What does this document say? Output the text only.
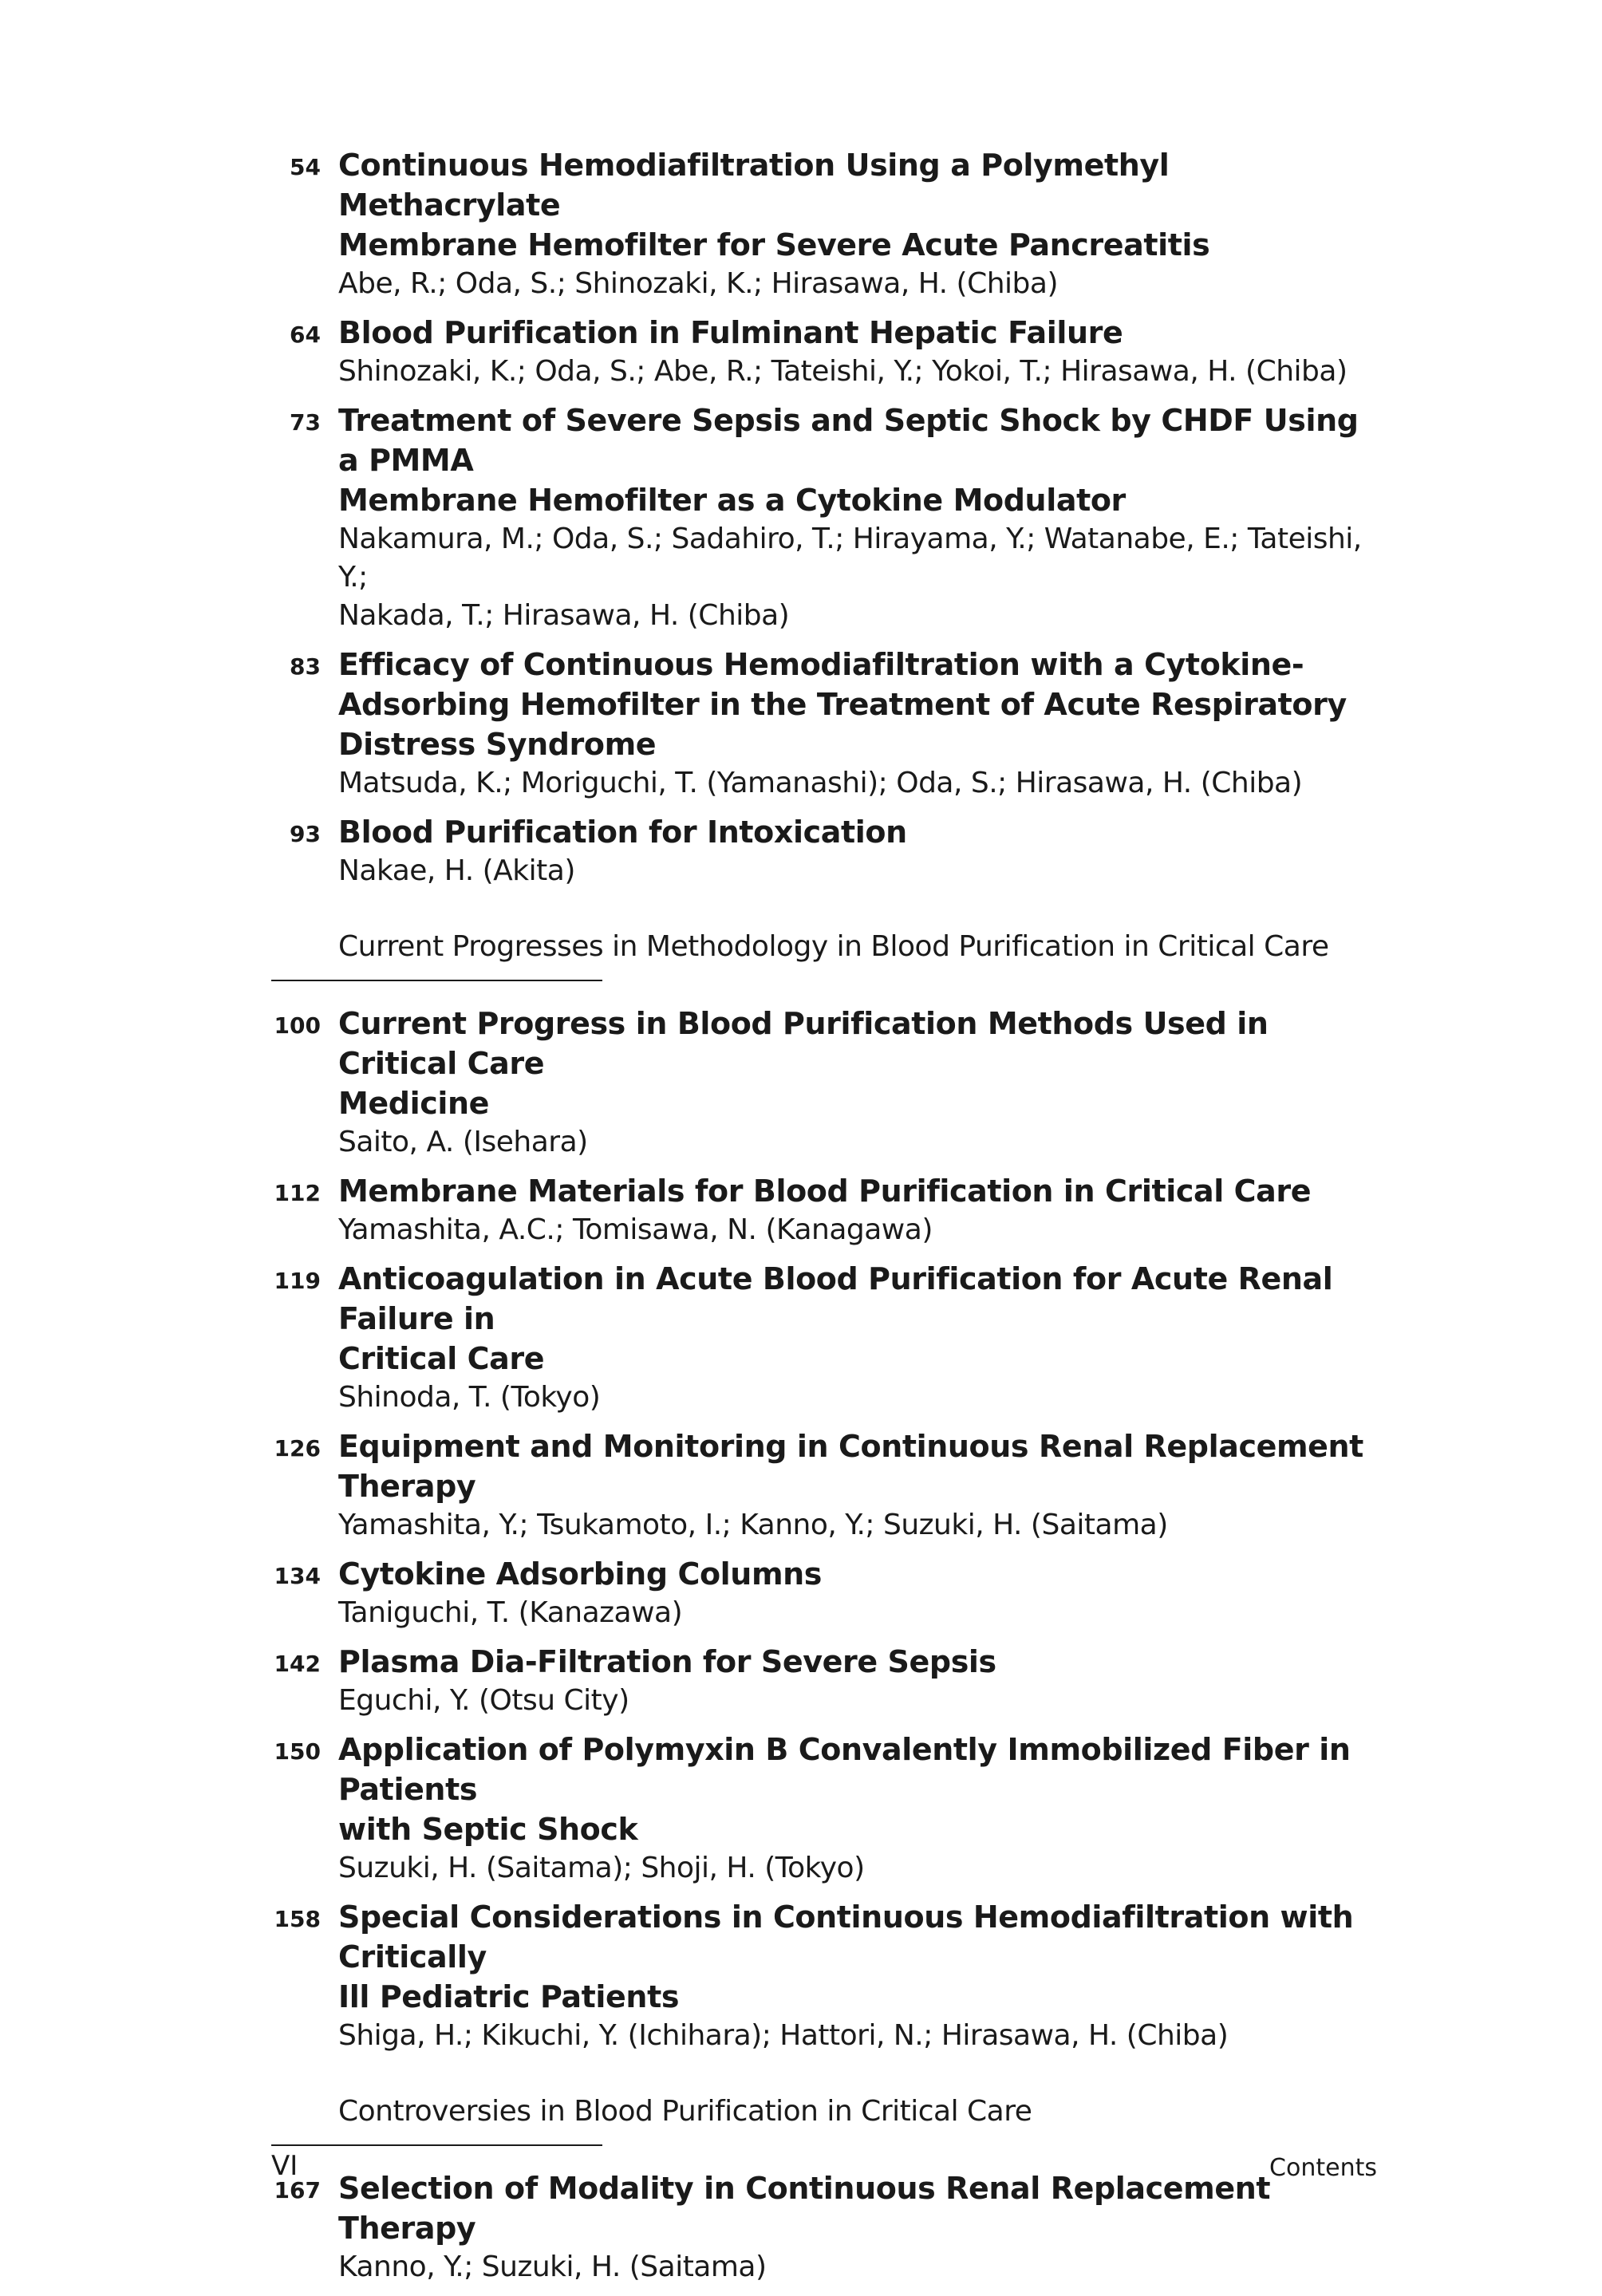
54 Continuous Hemodiafiltration Using a Polymethyl Methacrylate
Membrane Hemofilter for Severe Acute Pancreatitis
Abe, R.; Oda, S.; Shinozaki, K.; Hirasawa, H. (Chiba)
64 Blood Purification in Fulminant Hepatic Failure
Shinozaki, K.; Oda, S.; Abe, R.; Tateishi, Y.; Yokoi, T.; Hirasawa, H. (Chiba)
73 Treatment of Severe Sepsis and Septic Shock by CHDF Using a PMMA
Membrane Hemofilter as a Cytokine Modulator
Nakamura, M.; Oda, S.; Sadahiro, T.; Hirayama, Y.; Watanabe, E.; Tateishi, Y.;
Nakada, T.; Hirasawa, H. (Chiba)
83 Efficacy of Continuous Hemodiafiltration with a Cytokine-
Adsorbing Hemofilter in the Treatment of Acute Respiratory
Distress Syndrome
Matsuda, K.; Moriguchi, T. (Yamanashi); Oda, S.; Hirasawa, H. (Chiba)
93 Blood Purification for Intoxication
Nakae, H. (Akita)
Current Progresses in Methodology in Blood Purification in Critical Care
100 Current Progress in Blood Purification Methods Used in Critical Care
Medicine
Saito, A. (Isehara)
112 Membrane Materials for Blood Purification in Critical Care
Yamashita, A.C.; Tomisawa, N. (Kanagawa)
119 Anticoagulation in Acute Blood Purification for Acute Renal Failure in
Critical Care
Shinoda, T. (Tokyo)
126 Equipment and Monitoring in Continuous Renal Replacement
Therapy
Yamashita, Y.; Tsukamoto, I.; Kanno, Y.; Suzuki, H. (Saitama)
134 Cytokine Adsorbing Columns
Taniguchi, T. (Kanazawa)
142 Plasma Dia-Filtration for Severe Sepsis
Eguchi, Y. (Otsu City)
150 Application of Polymyxin B Convalently Immobilized Fiber in Patients
with Septic Shock
Suzuki, H. (Saitama); Shoji, H. (Tokyo)
158 Special Considerations in Continuous Hemodiafiltration with Critically
Ill Pediatric Patients
Shiga, H.; Kikuchi, Y. (Ichihara); Hattori, N.; Hirasawa, H. (Chiba)
Controversies in Blood Purification in Critical Care
167 Selection of Modality in Continuous Renal Replacement Therapy
Kanno, Y.; Suzuki, H. (Saitama)
VI	Contents
